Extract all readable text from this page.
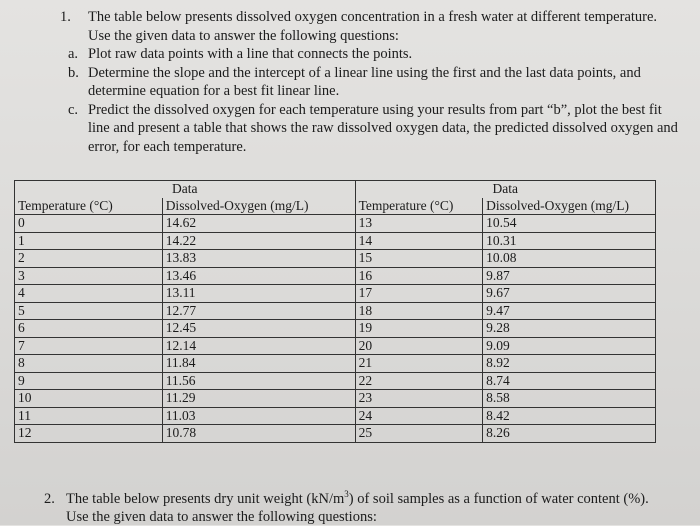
1. The table below presents dissolved oxygen concentration in a fresh water at different temperature. Use the given data to answer the following questions:
a. Plot raw data points with a line that connects the points.
b. Determine the slope and the intercept of a linear line using the first and the last data points, and determine equation for a best fit linear line.
c. Predict the dissolved oxygen for each temperature using your results from part “b”, plot the best fit line and present a table that shows the raw dissolved oxygen data, the predicted dissolved oxygen and error, for each temperature.
Data		Data	
Temperature (°C)	Dissolved-Oxygen (mg/L)	Temperature (°C)	Dissolved-Oxygen (mg/L)
0	14.62	13	10.54
1	14.22	14	10.31
2	13.83	15	10.08
3	13.46	16	9.87
4	13.11	17	9.67
5	12.77	18	9.47
6	12.45	19	9.28
7	12.14	20	9.09
8	11.84	21	8.92
9	11.56	22	8.74
10	11.29	23	8.58
11	11.03	24	8.42
12	10.78	25	8.26
2. The table below presents dry unit weight $(kN/m^3)$ of soil samples as a function of water content (%). Use the given data to answer the following questions:
